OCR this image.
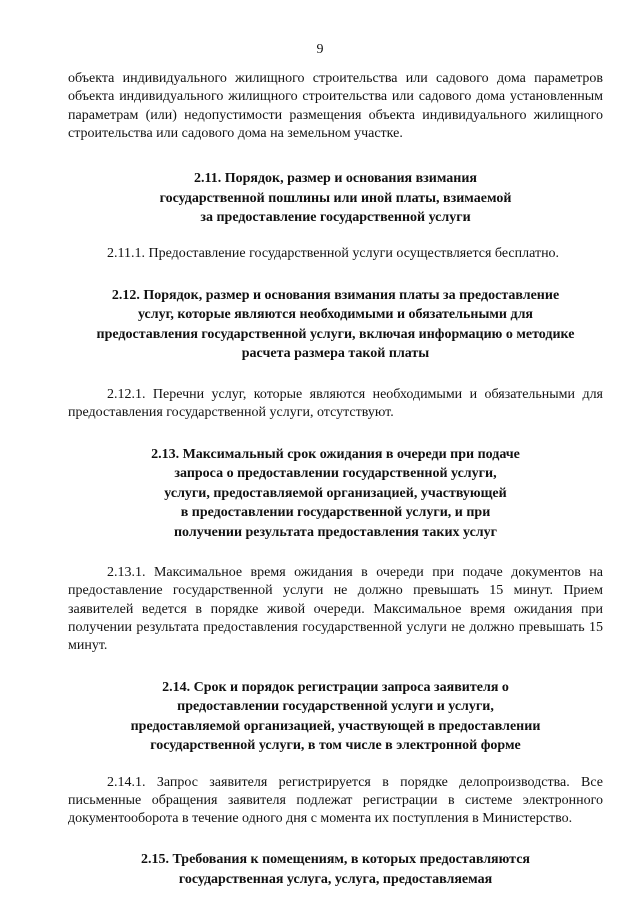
9

объекта индивидуального жилищного строительства или садового дома параметров объекта индивидуального жилищного строительства или садового дома установленным параметрам (или) недопустимости размещения объекта индивидуального жилищного строительства или садового дома на земельном участке.

2.11. Порядок, размер и основания взимания
государственной пошлины или иной платы, взимаемой
за предоставление государственной услуги

2.11.1. Предоставление государственной услуги осуществляется бесплатно.

2.12. Порядок, размер и основания взимания платы за предоставление
услуг, которые являются необходимыми и обязательными для
предоставления государственной услуги, включая информацию о методике
расчета размера такой платы

2.12.1. Перечни услуг, которые являются необходимыми и обязательными для предоставления государственной услуги, отсутствуют.

2.13. Максимальный срок ожидания в очереди при подаче
запроса о предоставлении государственной услуги,
услуги, предоставляемой организацией, участвующей
в предоставлении государственной услуги, и при
получении результата предоставления таких услуг

2.13.1. Максимальное время ожидания в очереди при подаче документов на предоставление государственной услуги не должно превышать 15 минут. Прием заявителей ведется в порядке живой очереди. Максимальное время ожидания при получении результата предоставления государственной услуги не должно превышать 15 минут.

2.14. Срок и порядок регистрации запроса заявителя о
предоставлении государственной услуги и услуги,
предоставляемой организацией, участвующей в предоставлении
государственной услуги, в том числе в электронной форме

2.14.1. Запрос заявителя регистрируется в порядке делопроизводства. Все письменные обращения заявителя подлежат регистрации в системе электронного документооборота в течение одного дня с момента их поступления в Министерство.

2.15. Требования к помещениям, в которых предоставляются
государственная услуга, услуга, предоставляемая
